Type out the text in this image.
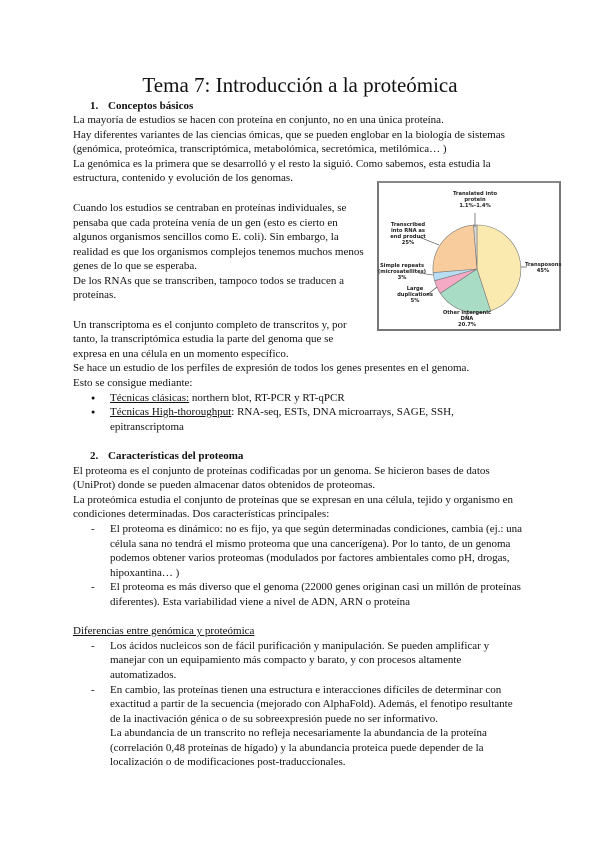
Tema 7: Introducción a la proteómica
1. Conceptos básicos
La mayoría de estudios se hacen con proteína en conjunto, no en una única proteína.
Hay diferentes variantes de las ciencias ómicas, que se pueden englobar en la biología de sistemas
(genómica, proteómica, transcriptómica, metabolómica, secretómica, metilómica… )
La genómica es la primera que se desarrolló y el resto la siguió. Como sabemos, esta estudia la
estructura, contenido y evolución de los genomas.
Cuando los estudios se centraban en proteínas individuales, se
pensaba que cada proteína venía de un gen (esto es cierto en
algunos organismos sencillos como E. coli). Sin embargo, la
realidad es que los organismos complejos tenemos muchos menos
genes de lo que se esperaba.
De los RNAs que se transcriben, tampoco todos se traducen a
proteínas.
Un transcriptoma es el conjunto completo de transcritos y, por
tanto, la transcriptómica estudia la parte del genoma que se
expresa en una célula en un momento específico.
Se hace un estudio de los perfiles de expresión de todos los genes presentes en el genoma.
Esto se consigue mediante:
● Técnicas clásicas: northern blot, RT-PCR y RT-qPCR
● Técnicas High-thoroughput: RNA-seq, ESTs, DNA microarrays, SAGE, SSH,
epitranscriptoma
2. Características del proteoma
El proteoma es el conjunto de proteínas codificadas por un genoma. Se hicieron bases de datos
(UniProt) donde se pueden almacenar datos obtenidos de proteomas.
La proteómica estudia el conjunto de proteínas que se expresan en una célula, tejido y organismo en
condiciones determinadas. Dos características principales:
- El proteoma es dinámico: no es fijo, ya que según determinadas condiciones, cambia (ej.: una
célula sana no tendrá el mismo proteoma que una cancerígena). Por lo tanto, de un genoma
podemos obtener varios proteomas (modulados por factores ambientales como pH, drogas,
hipoxantina… )
- El proteoma es más diverso que el genoma (22000 genes originan casi un millón de proteínas
diferentes). Esta variabilidad viene a nivel de ADN, ARN o proteína
Diferencias entre genómica y proteómica
- Los ácidos nucleicos son de fácil purificación y manipulación. Se pueden amplificar y
manejar con un equipamiento más compacto y barato, y con procesos altamente
automatizados.
- En cambio, las proteínas tienen una estructura e interacciones difíciles de determinar con
exactitud a partir de la secuencia (mejorado con AlphaFold). Además, el fenotipo resultante
de la inactivación génica o de su sobreexpresión puede no ser informativo.
La abundancia de un transcrito no refleja necesariamente la abundancia de la proteína
(correlación 0,48 proteínas de hígado) y la abundancia proteica puede depender de la
localización o de modificaciones post-traduccionales.
Translated into
protein
1.1%–1.4%
Transcribed
into RNA as
end product
25%
Simple repeats
(microsatellites)
3%
Large
duplications
5%
Other intergenic
DNA
20.7%
Transposons
45%
